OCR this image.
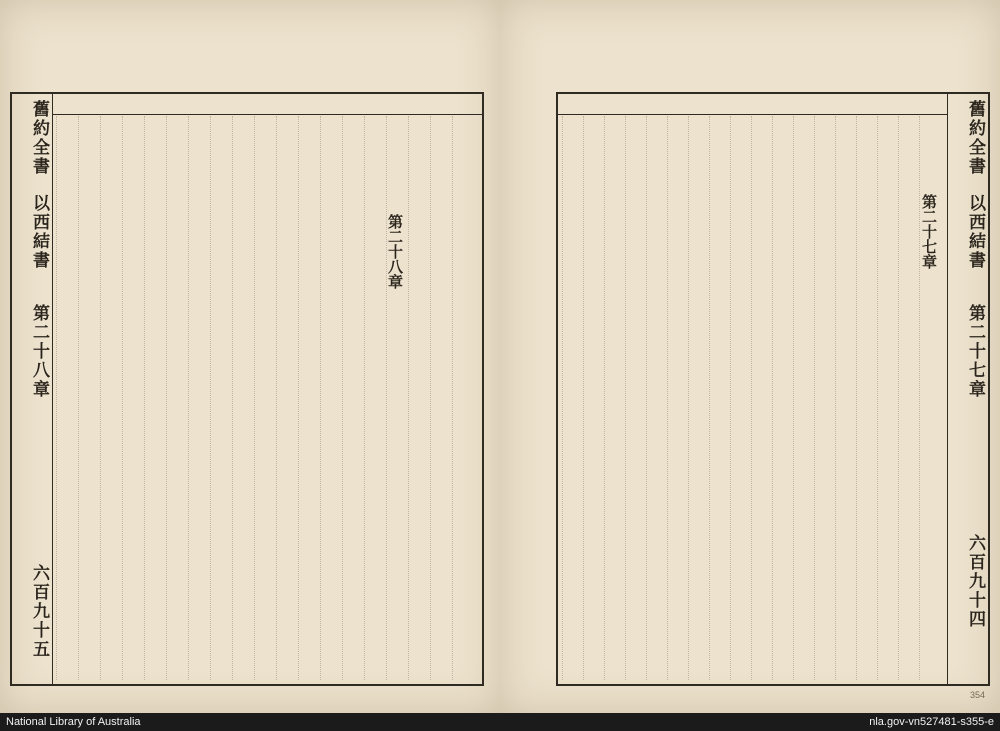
舊約全書
以西結書
第二十八章
六百九十五
第二十八章	第二十七章
舊約全書
以西結書
第二十七章
六百九十四
354
National Library of Australia	nla.gov-vn527481-s355-e
